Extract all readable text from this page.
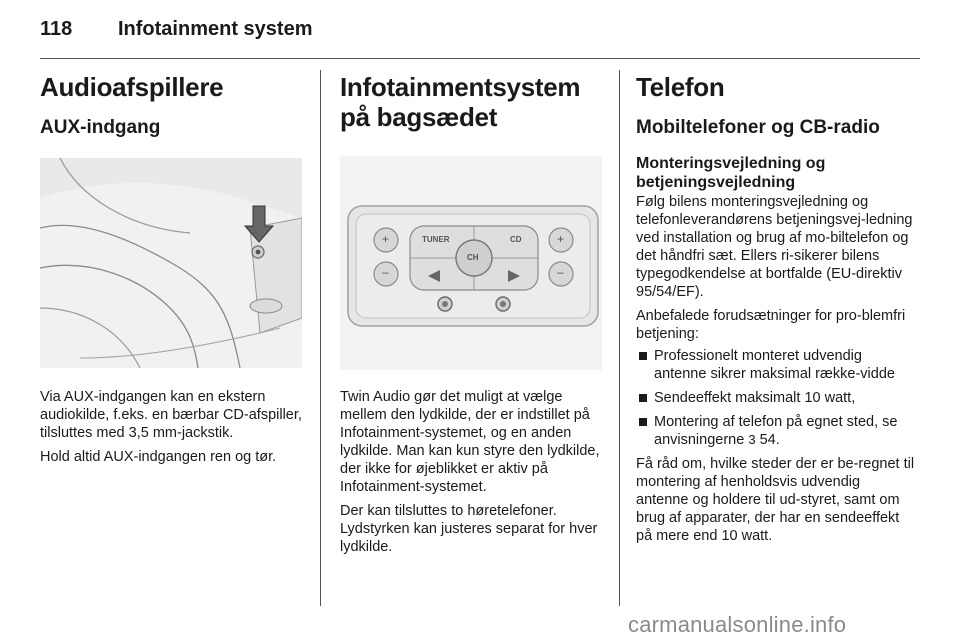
118 Infotainment system
Audioafspillere
AUX-indgang

Via AUX-indgangen kan en ekstern audiokilde, f.eks. en bærbar CD-afspiller, tilsluttes med 3,5 mm-jackstik.

Hold altid AUX-indgangen ren og tør.

Infotainmentsystem på bagsædet
TUNER	CD
CH
+
–
+
–

Twin Audio gør det muligt at vælge mellem den lydkilde, der er indstillet på Infotainment-systemet, og en anden lydkilde. Man kan kun styre den lydkilde, der ikke for øjeblikket er aktiv på Infotainment-systemet.

Der kan tilsluttes to høretelefoner. Lydstyrken kan justeres separat for hver lydkilde.

Telefon
Mobiltelefoner og CB-radio
Monteringsvejledning og betjeningsvejledning

Følg bilens monteringsvejledning og telefonleverandørens betjeningsvej-ledning ved installation og brug af mo-biltelefon og det håndfri sæt. Ellers ri-sikerer bilens typegodkendelse at bortfalde (EU-direktiv 95/54/EF).

Anbefalede forudsætninger for pro-blemfri betjening:

Professionelt monteret udvendig antenne sikrer maksimal række-vidde
Sendeeffekt maksimalt 10 watt,
Montering af telefon på egnet sted, se anvisningerne 3 54.

Få råd om, hvilke steder der er be-regnet til montering af henholdsvis udvendig antenne og holdere til ud-styret, samt om brug af apparater, der har en sendeeffekt på mere end 10 watt.

carmanualsonline.info
